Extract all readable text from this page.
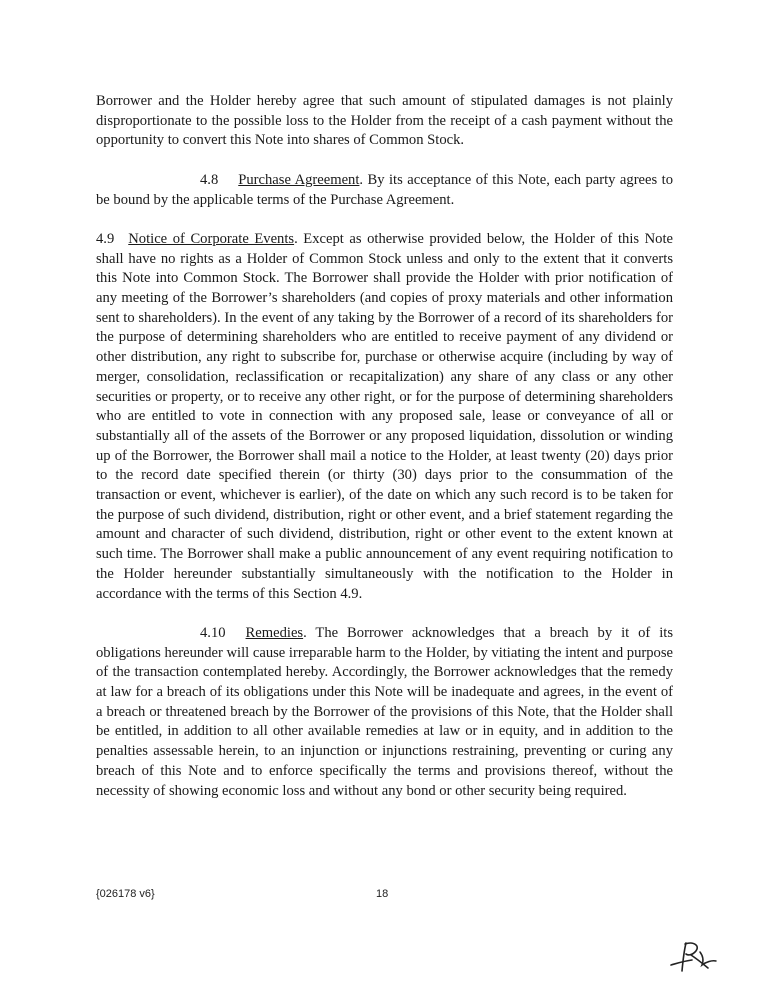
Borrower and the Holder hereby agree that such amount of stipulated damages is not plainly disproportionate to the possible loss to the Holder from the receipt of a cash payment without the opportunity to convert this Note into shares of Common Stock.

4.8 Purchase Agreement. By its acceptance of this Note, each party agrees to be bound by the applicable terms of the Purchase Agreement.

4.9 Notice of Corporate Events. Except as otherwise provided below, the Holder of this Note shall have no rights as a Holder of Common Stock unless and only to the extent that it converts this Note into Common Stock. The Borrower shall provide the Holder with prior notification of any meeting of the Borrower’s shareholders (and copies of proxy materials and other information sent to shareholders). In the event of any taking by the Borrower of a record of its shareholders for the purpose of determining shareholders who are entitled to receive payment of any dividend or other distribution, any right to subscribe for, purchase or otherwise acquire (including by way of merger, consolidation, reclassification or recapitalization) any share of any class or any other securities or property, or to receive any other right, or for the purpose of determining shareholders who are entitled to vote in connection with any proposed sale, lease or conveyance of all or substantially all of the assets of the Borrower or any proposed liquidation, dissolution or winding up of the Borrower, the Borrower shall mail a notice to the Holder, at least twenty (20) days prior to the record date specified therein (or thirty (30) days prior to the consummation of the transaction or event, whichever is earlier), of the date on which any such record is to be taken for the purpose of such dividend, distribution, right or other event, and a brief statement regarding the amount and character of such dividend, distribution, right or other event to the extent known at such time. The Borrower shall make a public announcement of any event requiring notification to the Holder hereunder substantially simultaneously with the notification to the Holder in accordance with the terms of this Section 4.9.

4.10 Remedies. The Borrower acknowledges that a breach by it of its obligations hereunder will cause irreparable harm to the Holder, by vitiating the intent and purpose of the transaction contemplated hereby. Accordingly, the Borrower acknowledges that the remedy at law for a breach of its obligations under this Note will be inadequate and agrees, in the event of a breach or threatened breach by the Borrower of the provisions of this Note, that the Holder shall be entitled, in addition to all other available remedies at law or in equity, and in addition to the penalties assessable herein, to an injunction or injunctions restraining, preventing or curing any breach of this Note and to enforce specifically the terms and provisions thereof, without the necessity of showing economic loss and without any bond or other security being required.

{026178 v6}	18
